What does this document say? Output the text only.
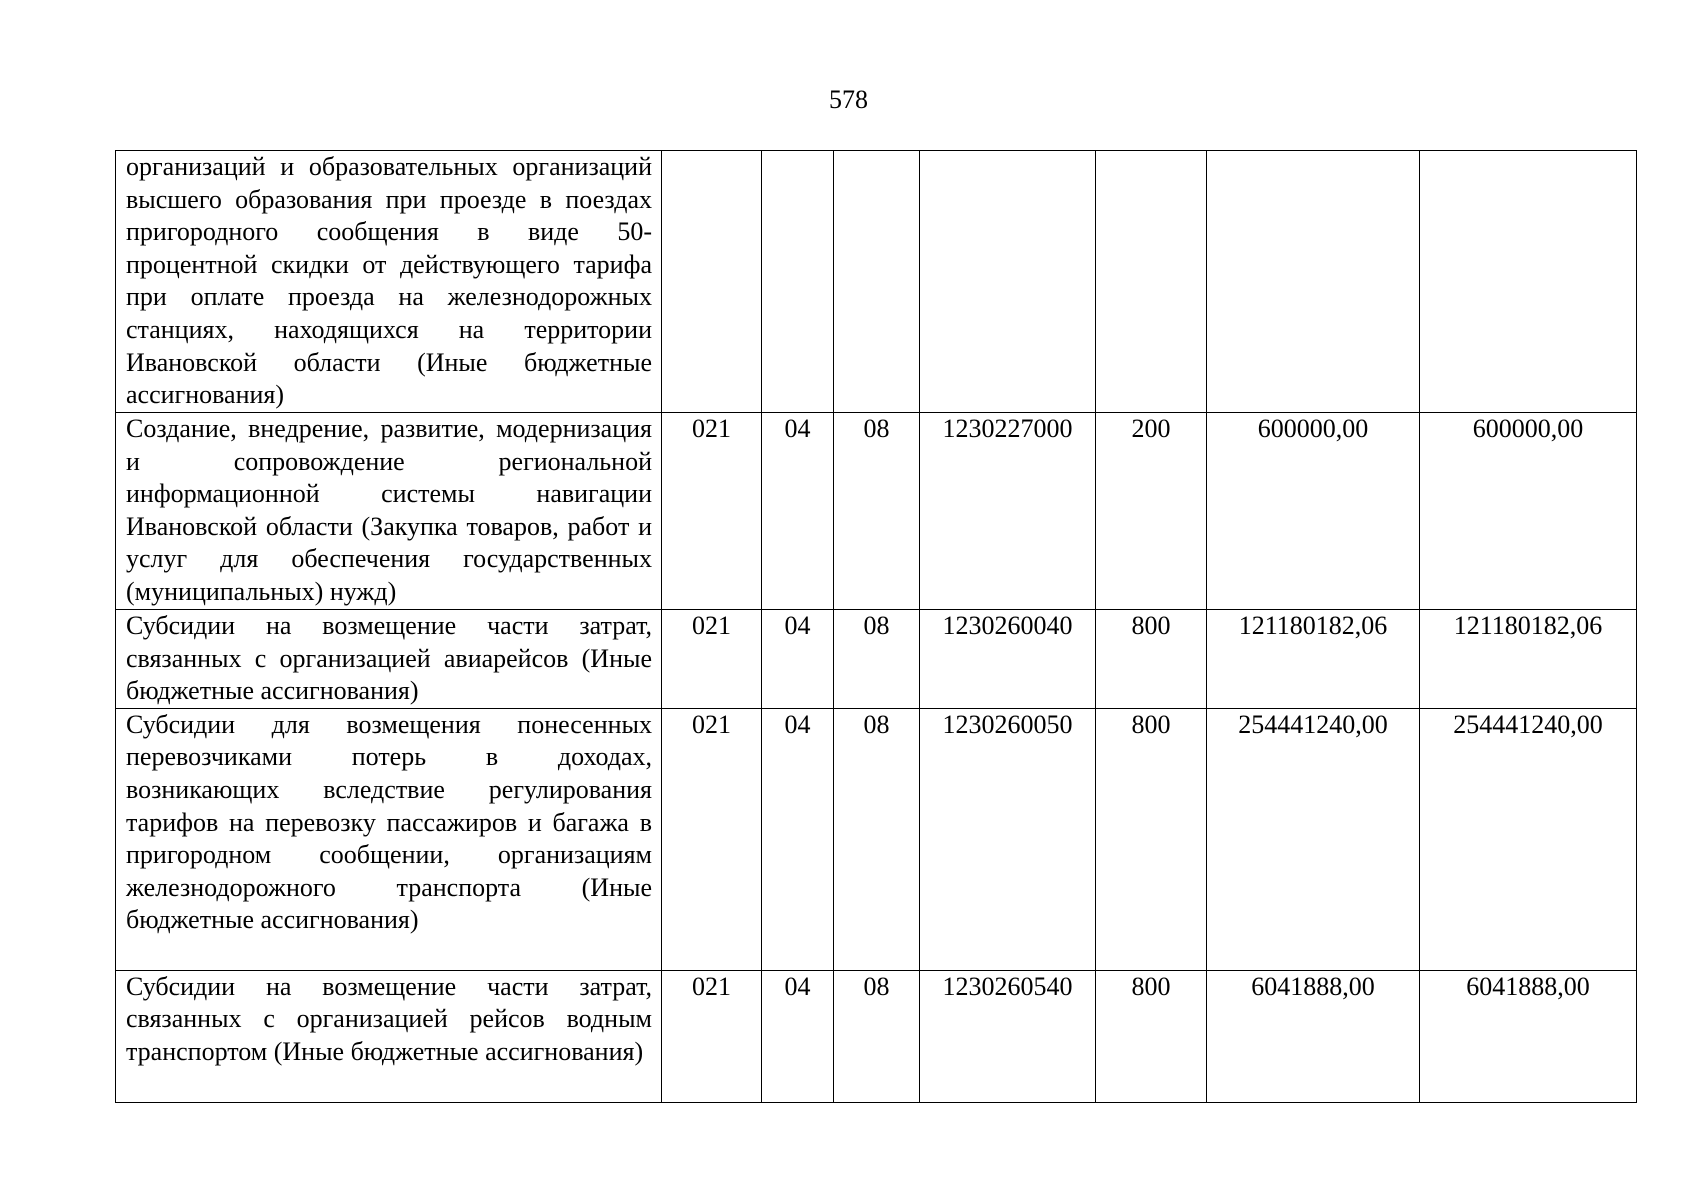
578
организаций и образовательных организаций высшего образования при проезде в поездах пригородного сообщения в виде 50-процентной скидки от действующего тарифа при оплате проезда на железнодорожных станциях, находящихся на территории Ивановской области (Иные бюджетные ассигнования)							
Создание, внедрение, развитие, модернизация и сопровождение региональной информационной системы навигации Ивановской области (Закупка товаров, работ и услуг для обеспечения государственных (муниципальных) нужд)	021	04	08	1230227000	200	600000,00	600000,00
Субсидии на возмещение части затрат, связанных с организацией авиарейсов (Иные бюджетные ассигнования)	021	04	08	1230260040	800	121180182,06	121180182,06
Субсидии для возмещения понесенных перевозчиками потерь в доходах, возникающих вследствие регулирования тарифов на перевозку пассажиров и багажа в пригородном сообщении, организациям железнодорожного транспорта (Иные бюджетные ассигнования)	021	04	08	1230260050	800	254441240,00	254441240,00
Субсидии на возмещение части затрат, связанных с организацией рейсов водным транспортом (Иные бюджетные ассигнования)	021	04	08	1230260540	800	6041888,00	6041888,00
